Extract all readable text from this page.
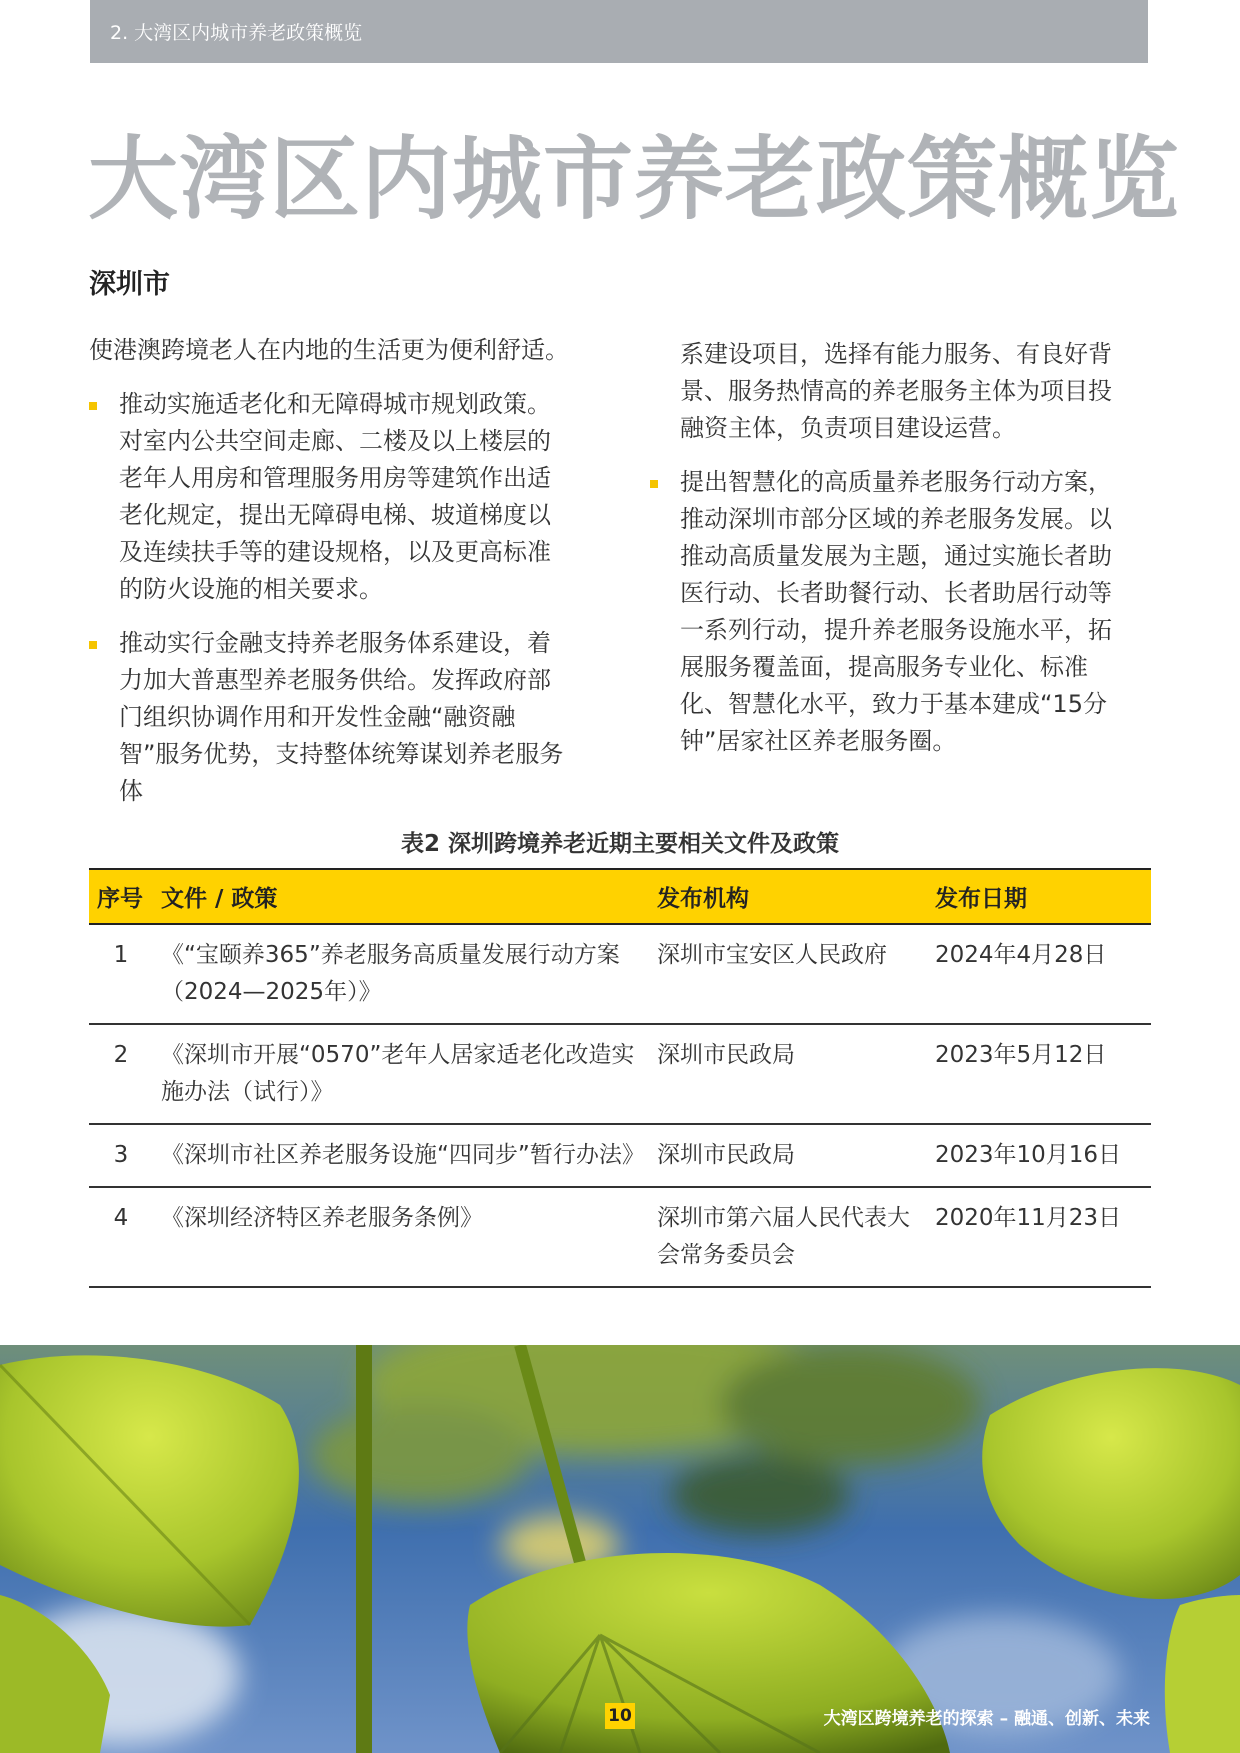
2. 大湾区内城市养老政策概览
大湾区内城市养老政策概览
深圳市

使港澳跨境老人在内地的生活更为便利舒适。

推动实施适老化和无障碍城市规划政策。对室内公共空间走廊、二楼及以上楼层的老年人用房和管理服务用房等建筑作出适老化规定，提出无障碍电梯、坡道梯度以及连续扶手等的建设规格，以及更高标准的防火设施的相关要求。
推动实行金融支持养老服务体系建设，着力加大普惠型养老服务供给。发挥政府部门组织协调作用和开发性金融“融资融智”服务优势，支持整体统筹谋划养老服务体
系建设项目，选择有能力服务、有良好背景、服务热情高的养老服务主体为项目投融资主体，负责项目建设运营。
提出智慧化的高质量养老服务行动方案，推动深圳市部分区域的养老服务发展。以推动高质量发展为主题，通过实施长者助医行动、长者助餐行动、长者助居行动等一系列行动，提升养老服务设施水平，拓展服务覆盖面，提高服务专业化、标准化、智慧化水平，致力于基本建成“15分钟”居家社区养老服务圈。
表2 深圳跨境养老近期主要相关文件及政策
序号	文件 / 政策	发布机构	发布日期
1	《“宝颐养365”养老服务高质量发展行动方案（2024—2025年）》	深圳市宝安区人民政府	2024年4月28日
2	《深圳市开展“0570”老年人居家适老化改造实施办法（试行）》	深圳市民政局	2023年5月12日
3	《深圳市社区养老服务设施“四同步”暂行办法》	深圳市民政局	2023年10月16日
4	《深圳经济特区养老服务条例》	深圳市第六届人民代表大会常务委员会	2020年11月23日
10	大湾区跨境养老的探索 – 融通、创新、未来
